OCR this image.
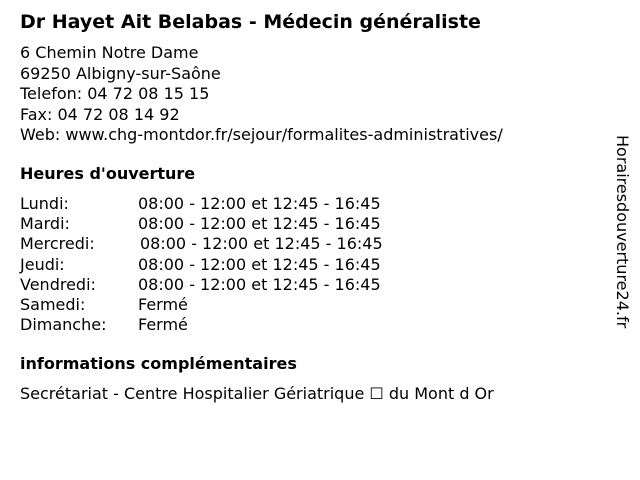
Dr Hayet Ait Belabas - Médecin généraliste
6 Chemin Notre Dame
69250 Albigny-sur-Saône
Telefon: 04 72 08 15 15
Fax: 04 72 08 14 92
Web: www.chg-montdor.fr/sejour/formalites-administratives/
Heures d'ouverture
Lundi:	08:00 - 12:00 et 12:45 - 16:45
Mardi:	08:00 - 12:00 et 12:45 - 16:45
Mercredi:	08:00 - 12:00 et 12:45 - 16:45
Jeudi:	08:00 - 12:00 et 12:45 - 16:45
Vendredi:	08:00 - 12:00 et 12:45 - 16:45
Samedi:	Fermé
Dimanche: Fermé
informations complémentaires
Secrétariat - Centre Hospitalier Gériatrique ☐ du Mont d Or
Horairesdouverture24.fr
